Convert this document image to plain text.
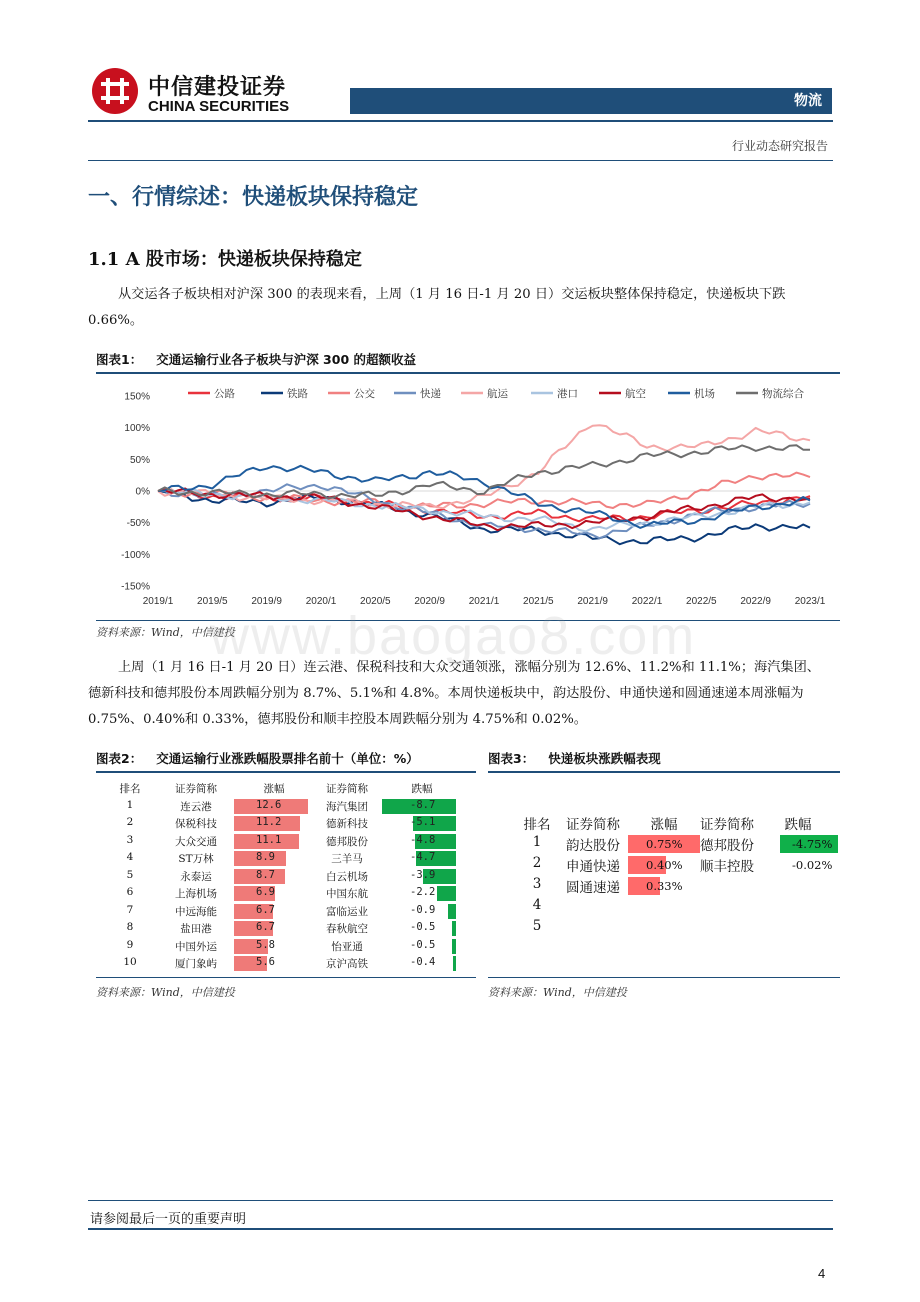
中信建投证券
CHINA SECURITIES	物流
行业动态研究报告
一、行情综述：快递板块保持稳定
1.1 A 股市场：快递板块保持稳定
从交运各子板块相对沪深 300 的表现来看，上周（1 月 16 日-1 月 20 日）交运板块整体保持稳定，快递板块下跌 0.66%。
图表1： 交通运输行业各子板块与沪深 300 的超额收益
公路	铁路	公交	快递	航运	港口	航空	机场	物流综合
150%
100%
50%
0%
-50%
-100%
-150%
2019/1 2019/5 2019/9 2020/1 2020/5 2020/9 2021/1 2021/5 2021/9 2022/1 2022/5 2022/9 2023/1
资料来源：Wind，中信建投
www.baogao8.com
上周（1 月 16 日-1 月 20 日）连云港、保税科技和大众交通领涨，涨幅分别为 12.6%、11.2%和 11.1%；海汽集团、德新科技和德邦股份本周跌幅分别为 8.7%、5.1%和 4.8%。本周快递板块中，韵达股份、申通快递和圆通速递本周涨幅为 0.75%、0.40%和 0.33%，德邦股份和顺丰控股本周跌幅分别为 4.75%和 0.02%。
图表2： 交通运输行业涨跌幅股票排名前十（单位：%）
排名	证券简称	涨幅	证券简称	跌幅
1	连云港	12.6	海汽集团	-8.7
2	保税科技	11.2	德新科技	-5.1
3	大众交通	11.1	德邦股份	-4.8
4	ST万林	8.9	三羊马	-4.7
5	永泰运	8.7	白云机场	-3.9
6	上海机场	6.9	中国东航	-2.2
7	中远海能	6.7	富临运业	-0.9
8	盐田港	6.7	春秋航空	-0.5
9	中国外运	5.8	怡亚通	-0.5
10	厦门象屿	5.6	京沪高铁	-0.4
资料来源：Wind，中信建投
图表3： 快递板块涨跌幅表现
排名 证券简称	涨幅	证券简称	跌幅
1	韵达股份	0.75% 德邦股份	-4.75%
2	申通快递	0.40% 顺丰控股	-0.02%
3	圆通速递	0.33%
4
5
资料来源：Wind，中信建投
请参阅最后一页的重要声明
4
